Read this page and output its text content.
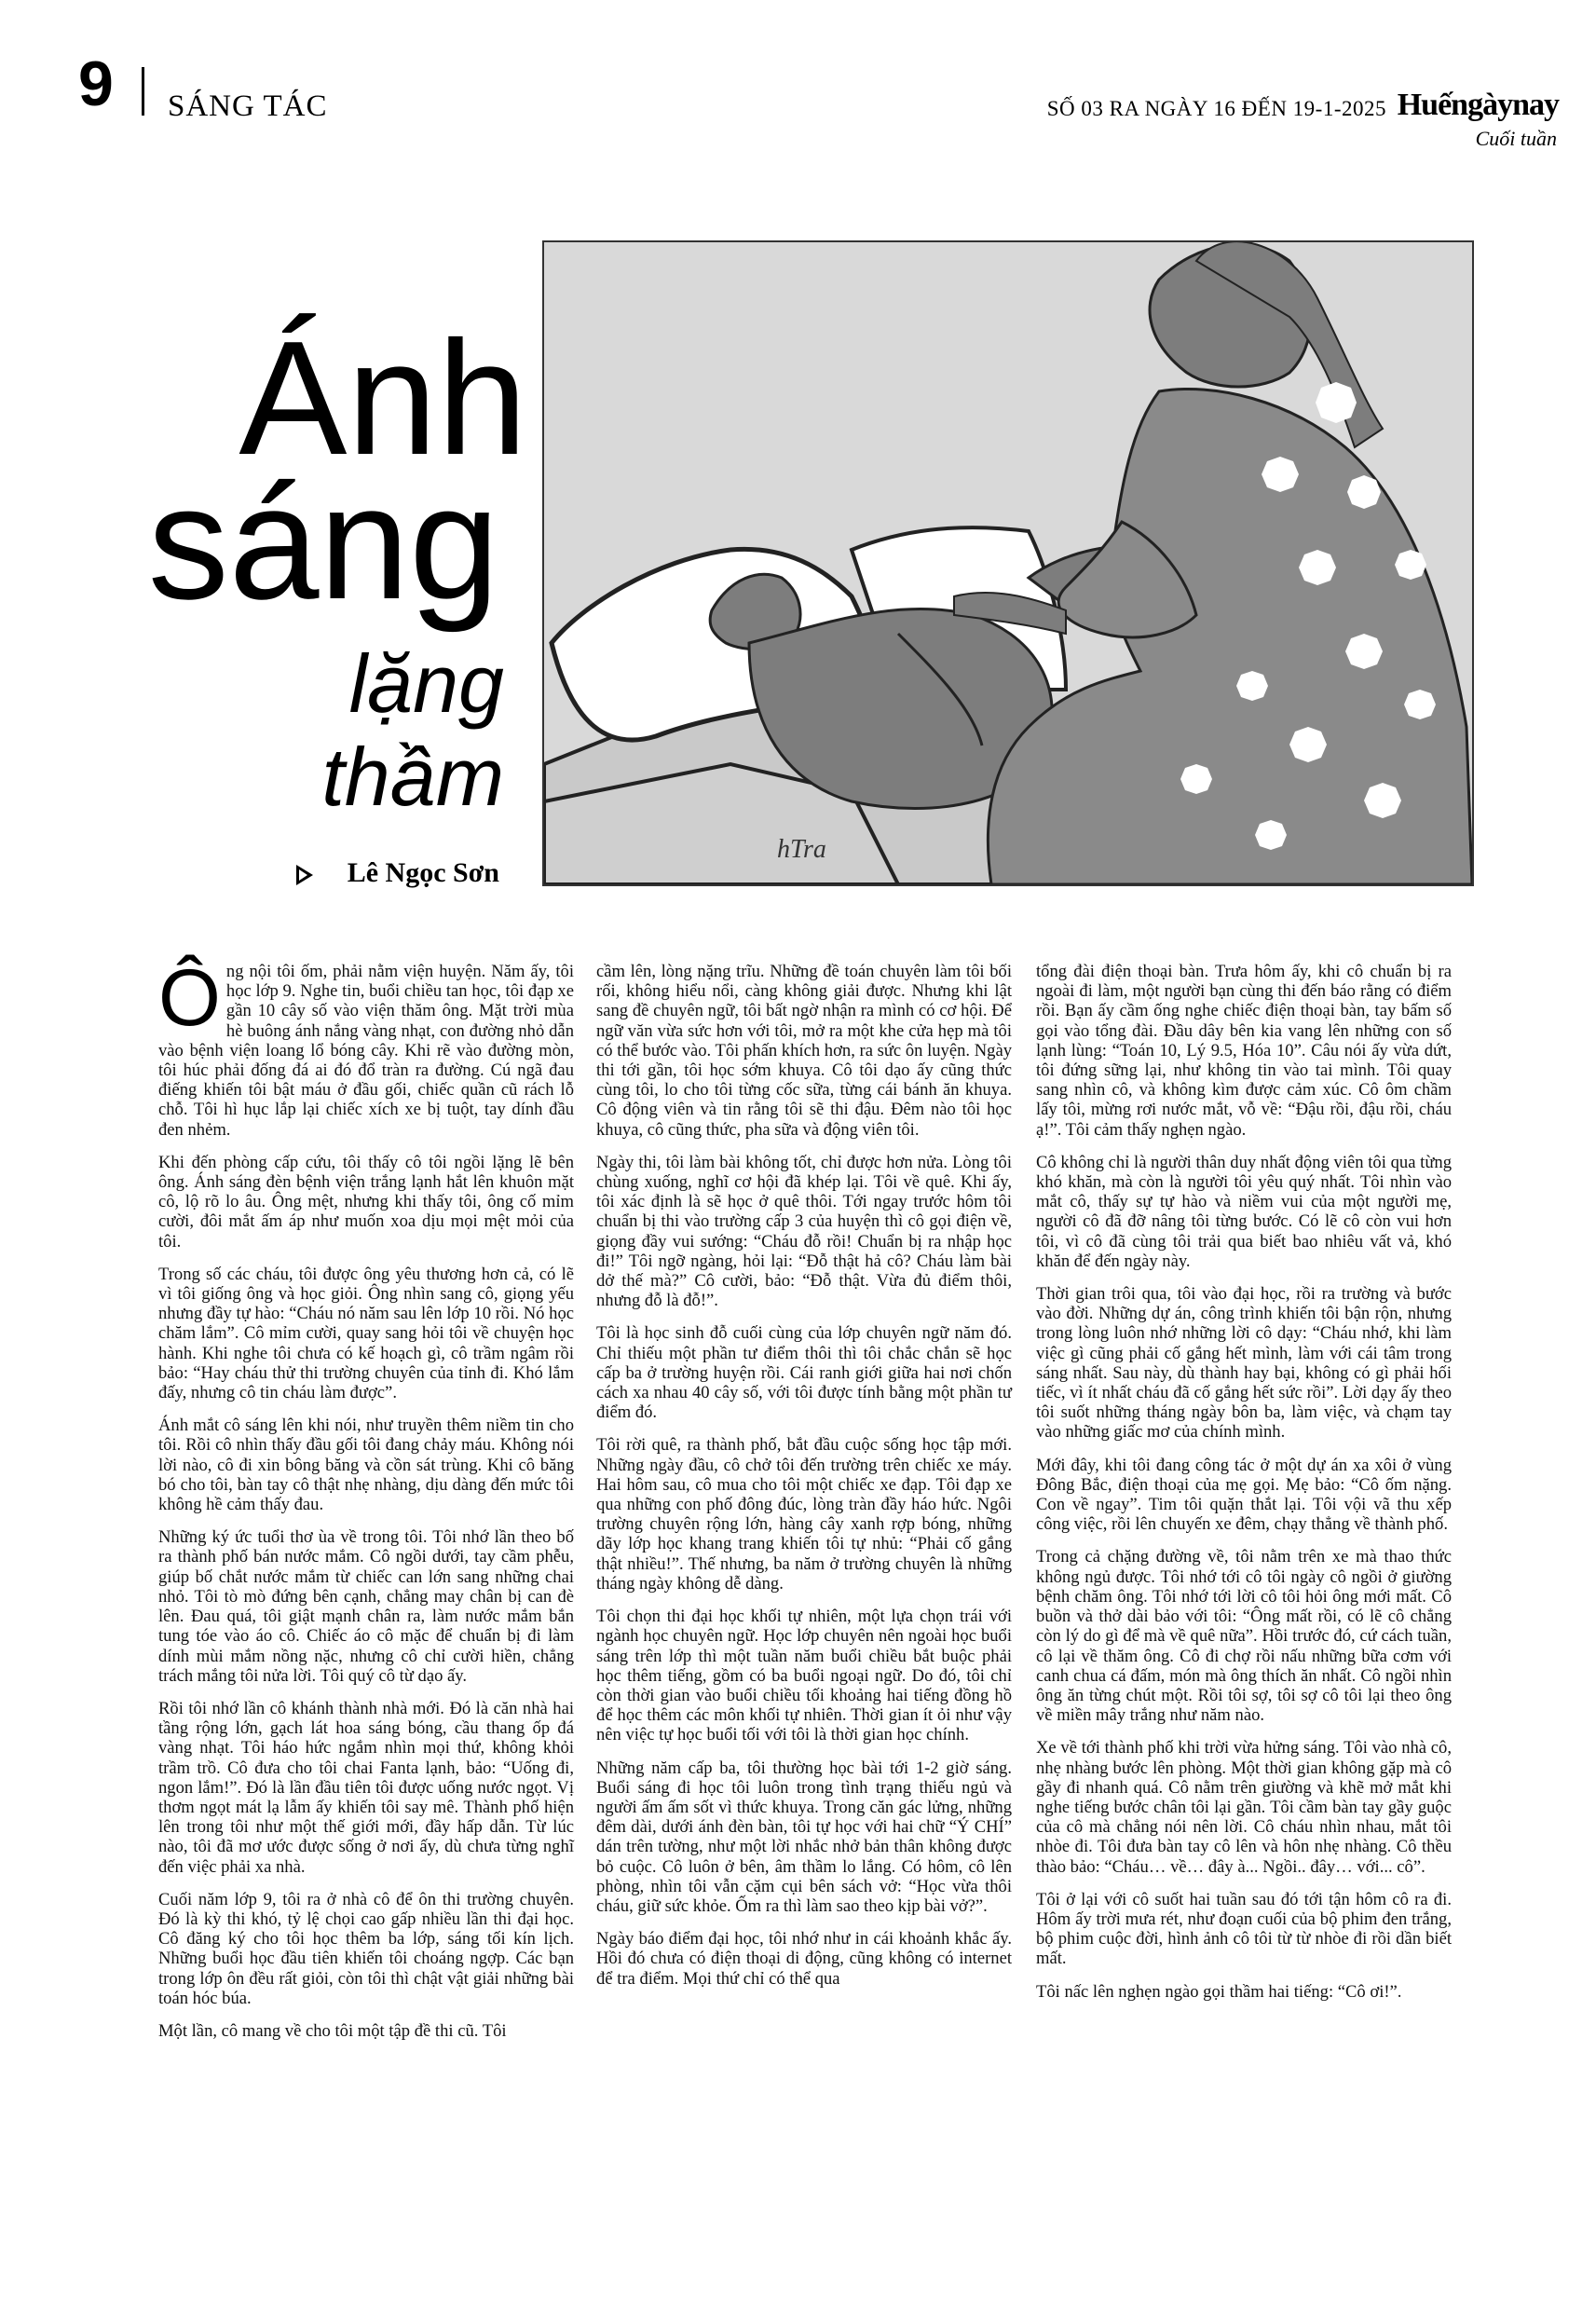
9 SÁNG TÁC	SỐ 03 RA NGÀY 16 ĐẾN 19-1-2025 Huếngàynay
Cuối tuần
Ánh
sáng
lặng
thầm
Lê Ngọc Sơn
hTra

Ông nội tôi ốm, phải nằm viện huyện. Năm ấy, tôi học lớp 9. Nghe tin, buổi chiều tan học, tôi đạp xe gần 10 cây số vào viện thăm ông. Mặt trời mùa hè buông ánh nắng vàng nhạt, con đường nhỏ dẫn vào bệnh viện loang lổ bóng cây. Khi rẽ vào đường mòn, tôi húc phải đống đá ai đó đổ tràn ra đường. Cú ngã đau điếng khiến tôi bật máu ở đầu gối, chiếc quần cũ rách lỗ chỗ. Tôi hì hục lắp lại chiếc xích xe bị tuột, tay dính đầu đen nhẻm.

Khi đến phòng cấp cứu, tôi thấy cô tôi ngồi lặng lẽ bên ông. Ánh sáng đèn bệnh viện trắng lạnh hắt lên khuôn mặt cô, lộ rõ lo âu. Ông mệt, nhưng khi thấy tôi, ông cố mỉm cười, đôi mắt ấm áp như muốn xoa dịu mọi mệt mỏi của tôi.

Trong số các cháu, tôi được ông yêu thương hơn cả, có lẽ vì tôi giống ông và học giỏi. Ông nhìn sang cô, giọng yếu nhưng đầy tự hào: “Cháu nó năm sau lên lớp 10 rồi. Nó học chăm lắm”. Cô mỉm cười, quay sang hỏi tôi về chuyện học hành. Khi nghe tôi chưa có kế hoạch gì, cô trầm ngâm rồi bảo: “Hay cháu thử thi trường chuyên của tỉnh đi. Khó lắm đấy, nhưng cô tin cháu làm được”.

Ánh mắt cô sáng lên khi nói, như truyền thêm niềm tin cho tôi. Rồi cô nhìn thấy đầu gối tôi đang chảy máu. Không nói lời nào, cô đi xin bông băng và cồn sát trùng. Khi cô băng bó cho tôi, bàn tay cô thật nhẹ nhàng, dịu dàng đến mức tôi không hề cảm thấy đau.

Những ký ức tuổi thơ ùa về trong tôi. Tôi nhớ lần theo bố ra thành phố bán nước mắm. Cô ngồi dưới, tay cầm phễu, giúp bố chắt nước mắm từ chiếc can lớn sang những chai nhỏ. Tôi tò mò đứng bên cạnh, chẳng may chân bị can đè lên. Đau quá, tôi giật mạnh chân ra, làm nước mắm bắn tung tóe vào áo cô. Chiếc áo cô mặc để chuẩn bị đi làm dính mùi mắm nồng nặc, nhưng cô chỉ cười hiền, chẳng trách mắng tôi nửa lời. Tôi quý cô từ dạo ấy.

Rồi tôi nhớ lần cô khánh thành nhà mới. Đó là căn nhà hai tầng rộng lớn, gạch lát hoa sáng bóng, cầu thang ốp đá vàng nhạt. Tôi háo hức ngắm nhìn mọi thứ, không khỏi trầm trồ. Cô đưa cho tôi chai Fanta lạnh, bảo: “Uống đi, ngon lắm!”. Đó là lần đầu tiên tôi được uống nước ngọt. Vị thơm ngọt mát lạ lẫm ấy khiến tôi say mê. Thành phố hiện lên trong tôi như một thế giới mới, đầy hấp dẫn. Từ lúc nào, tôi đã mơ ước được sống ở nơi ấy, dù chưa từng nghĩ đến việc phải xa nhà.

Cuối năm lớp 9, tôi ra ở nhà cô để ôn thi trường chuyên. Đó là kỳ thi khó, tỷ lệ chọi cao gấp nhiều lần thi đại học. Cô đăng ký cho tôi học thêm ba lớp, sáng tối kín lịch. Những buổi học đầu tiên khiến tôi choáng ngợp. Các bạn trong lớp ôn đều rất giỏi, còn tôi thì chật vật giải những bài toán hóc búa.

Một lần, cô mang về cho tôi một tập đề thi cũ. Tôi

cầm lên, lòng nặng trĩu. Những đề toán chuyên làm tôi bối rối, không hiểu nổi, càng không giải được. Nhưng khi lật sang đề chuyên ngữ, tôi bất ngờ nhận ra mình có cơ hội. Để ngữ văn vừa sức hơn với tôi, mở ra một khe cửa hẹp mà tôi có thể bước vào. Tôi phấn khích hơn, ra sức ôn luyện. Ngày thi tới gần, tôi học sớm khuya. Cô tôi dạo ấy cũng thức cùng tôi, lo cho tôi từng cốc sữa, từng cái bánh ăn khuya. Cô động viên và tin rằng tôi sẽ thi đậu. Đêm nào tôi học khuya, cô cũng thức, pha sữa và động viên tôi.

Ngày thi, tôi làm bài không tốt, chỉ được hơn nửa. Lòng tôi chùng xuống, nghĩ cơ hội đã khép lại. Tôi về quê. Khi ấy, tôi xác định là sẽ học ở quê thôi. Tới ngay trước hôm tôi chuẩn bị thi vào trường cấp 3 của huyện thì cô gọi điện về, giọng đầy vui sướng: “Cháu đỗ rồi! Chuẩn bị ra nhập học đi!” Tôi ngỡ ngàng, hỏi lại: “Đỗ thật hả cô? Cháu làm bài dở thế mà?” Cô cười, bảo: “Đỗ thật. Vừa đủ điểm thôi, nhưng đỗ là đỗ!”.

Tôi là học sinh đỗ cuối cùng của lớp chuyên ngữ năm đó. Chỉ thiếu một phần tư điểm thôi thì tôi chắc chắn sẽ học cấp ba ở trường huyện rồi. Cái ranh giới giữa hai nơi chốn cách xa nhau 40 cây số, với tôi được tính bằng một phần tư điểm đó.

Tôi rời quê, ra thành phố, bắt đầu cuộc sống học tập mới. Những ngày đầu, cô chở tôi đến trường trên chiếc xe máy. Hai hôm sau, cô mua cho tôi một chiếc xe đạp. Tôi đạp xe qua những con phố đông đúc, lòng tràn đầy háo hức. Ngôi trường chuyên rộng lớn, hàng cây xanh rợp bóng, những dãy lớp học khang trang khiến tôi tự nhủ: “Phải cố gắng thật nhiều!”. Thế nhưng, ba năm ở trường chuyên là những tháng ngày không dễ dàng.

Tôi chọn thi đại học khối tự nhiên, một lựa chọn trái với ngành học chuyên ngữ. Học lớp chuyên nên ngoài học buổi sáng trên lớp thì một tuần năm buổi chiều bắt buộc phải học thêm tiếng, gồm có ba buổi ngoại ngữ. Do đó, tôi chỉ còn thời gian vào buổi chiều tối khoảng hai tiếng đồng hồ để học thêm các môn khối tự nhiên. Thời gian ít ỏi như vậy nên việc tự học buổi tối với tôi là thời gian học chính.

Những năm cấp ba, tôi thường học bài tới 1-2 giờ sáng. Buổi sáng đi học tôi luôn trong tình trạng thiếu ngủ và người ấm ấm sốt vì thức khuya. Trong căn gác lửng, những đêm dài, dưới ánh đèn bàn, tôi tự học với hai chữ “Ý CHÍ” dán trên tường, như một lời nhắc nhở bản thân không được bỏ cuộc. Cô luôn ở bên, âm thầm lo lắng. Có hôm, cô lên phòng, nhìn tôi vẫn cặm cụi bên sách vở: “Học vừa thôi cháu, giữ sức khỏe. Ốm ra thì làm sao theo kịp bài vở?”.

Ngày báo điểm đại học, tôi nhớ như in cái khoảnh khắc ấy. Hồi đó chưa có điện thoại di động, cũng không có internet để tra điểm. Mọi thứ chỉ có thể qua

tổng đài điện thoại bàn. Trưa hôm ấy, khi cô chuẩn bị ra ngoài đi làm, một người bạn cùng thi đến báo rằng có điểm rồi. Bạn ấy cầm ống nghe chiếc điện thoại bàn, tay bấm số gọi vào tổng đài. Đầu dây bên kia vang lên những con số lạnh lùng: “Toán 10, Lý 9.5, Hóa 10”. Câu nói ấy vừa dứt, tôi đứng sững lại, như không tin vào tai mình. Tôi quay sang nhìn cô, và không kìm được cảm xúc. Cô ôm chầm lấy tôi, mừng rơi nước mắt, vỗ về: “Đậu rồi, đậu rồi, cháu ạ!”. Tôi cảm thấy nghẹn ngào.

Cô không chỉ là người thân duy nhất động viên tôi qua từng khó khăn, mà còn là người tôi yêu quý nhất. Tôi nhìn vào mắt cô, thấy sự tự hào và niềm vui của một người mẹ, người cô đã đỡ nâng tôi từng bước. Có lẽ cô còn vui hơn tôi, vì cô đã cùng tôi trải qua biết bao nhiêu vất vả, khó khăn để đến ngày này.

Thời gian trôi qua, tôi vào đại học, rồi ra trường và bước vào đời. Những dự án, công trình khiến tôi bận rộn, nhưng trong lòng luôn nhớ những lời cô dạy: “Cháu nhớ, khi làm việc gì cũng phải cố gắng hết mình, làm với cái tâm trong sáng nhất. Sau này, dù thành hay bại, không có gì phải hối tiếc, vì ít nhất cháu đã cố gắng hết sức rồi”. Lời dạy ấy theo tôi suốt những tháng ngày bôn ba, làm việc, và chạm tay vào những giấc mơ của chính mình.

Mới đây, khi tôi đang công tác ở một dự án xa xôi ở vùng Đông Bắc, điện thoại của mẹ gọi. Mẹ bảo: “Cô ốm nặng. Con về ngay”. Tim tôi quặn thắt lại. Tôi vội vã thu xếp công việc, rồi lên chuyến xe đêm, chạy thẳng về thành phố.

Trong cả chặng đường về, tôi nằm trên xe mà thao thức không ngủ được. Tôi nhớ tới cô tôi ngày cô ngồi ở giường bệnh chăm ông. Tôi nhớ tới lời cô tôi hỏi ông mới mất. Cô buồn và thở dài bảo với tôi: “Ông mất rồi, có lẽ cô chẳng còn lý do gì để mà về quê nữa”. Hồi trước đó, cứ cách tuần, cô lại về thăm ông. Cô đi chợ rồi nấu những bữa cơm với canh chua cá đấm, món mà ông thích ăn nhất. Cô ngồi nhìn ông ăn từng chút một. Rồi tôi sợ, tôi sợ cô tôi lại theo ông về miền mây trắng như năm nào.

Xe về tới thành phố khi trời vừa hửng sáng. Tôi vào nhà cô, nhẹ nhàng bước lên phòng. Một thời gian không gặp mà cô gầy đi nhanh quá. Cô nằm trên giường và khẽ mở mắt khi nghe tiếng bước chân tôi lại gần. Tôi cầm bàn tay gầy guộc của cô mà chẳng nói nên lời. Cô cháu nhìn nhau, mắt tôi nhòe đi. Tôi đưa bàn tay cô lên và hôn nhẹ nhàng. Cô thều thào bảo: “Cháu… về… đây à... Ngồi.. đây… với... cô”.

Tôi ở lại với cô suốt hai tuần sau đó tới tận hôm cô ra đi. Hôm ấy trời mưa rét, như đoạn cuối của bộ phim đen trắng, bộ phim cuộc đời, hình ảnh cô tôi từ từ nhòe đi rồi dần biết mất.

Tôi nấc lên nghẹn ngào gọi thầm hai tiếng: “Cô ơi!”.
